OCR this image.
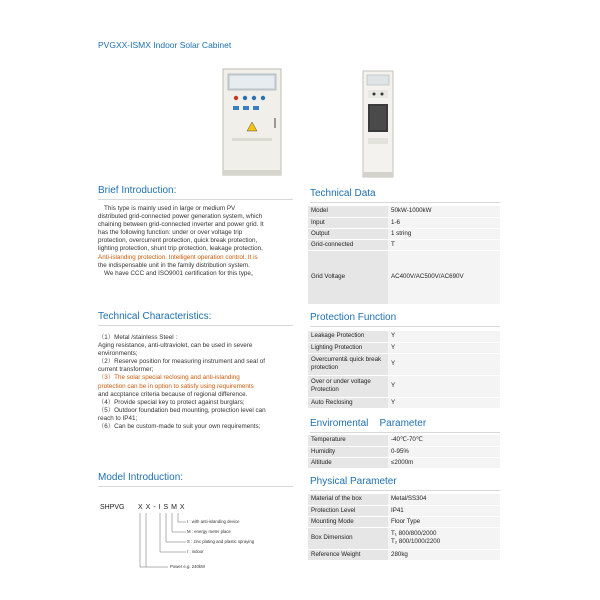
PVGXX-ISMX Indoor Solar Cabinet
Brief Introduction:

This type is mainly used in large or medium PV

distributed grid-connected power generation system, which

chaining between grid-connected inverter and power grid. It

has the following function: under or over voltage trip

protection, overcurrent protection, quick break protection,

lighting protection, shunt trip protection, leakage protection,

Anti-islanding protection. Intelligent operation control. It is

the indispensable unit in the family distribution system.

We have CCC and ISO9001 certification for this type。

Technical Characteristics:

（1）Metal /stainless Steel ：

Aging resistance, anti-ultraviolet, can be used in severe

environments;

（2）Reserve position for measuring instrument and seal of

current transformer;

（3）The solar special reclosing and anti-islanding

protection can be in option to satisfy using requirements

and accptance criteria because of regional difference.

（4）Provide special key to protect against burglars;

（5）Outdoor foundation bed mounting, protection level can

reach to IP41;

（6）Can be custom-made to suit your own requirements;

Model Introduction:
SHPVG X X - I S M X
I : with anti-islanding device
M : energy meter place
S : zinc plating and plastic spraying
I : indoor
Power e.g. 240kW
Technical Data
Model	50kW-1000kW
Input	1-6
Output	1 string
Grid-connected	T
Grid Voltage	AC400V/AC500V/AC690V
Protection Function
Leakage Protection	Y
Lighting Protection	Y
Overcurrent& quick break protection	Y
Over or under voltage Protection	Y
Auto Reclosing	Y
Enviromental    Parameter
Temperature	-40℃-70℃
Humidity	0-95%
Altitude	≤2000m
Physical Parameter
Material of the box	Metal/SS304
Protection Level	IP41
Mounting Mode	Floor Type
Box Dimension	T₁ 800/800/2000
T₂ 800/1000/2200

Reference Weight	280kg
